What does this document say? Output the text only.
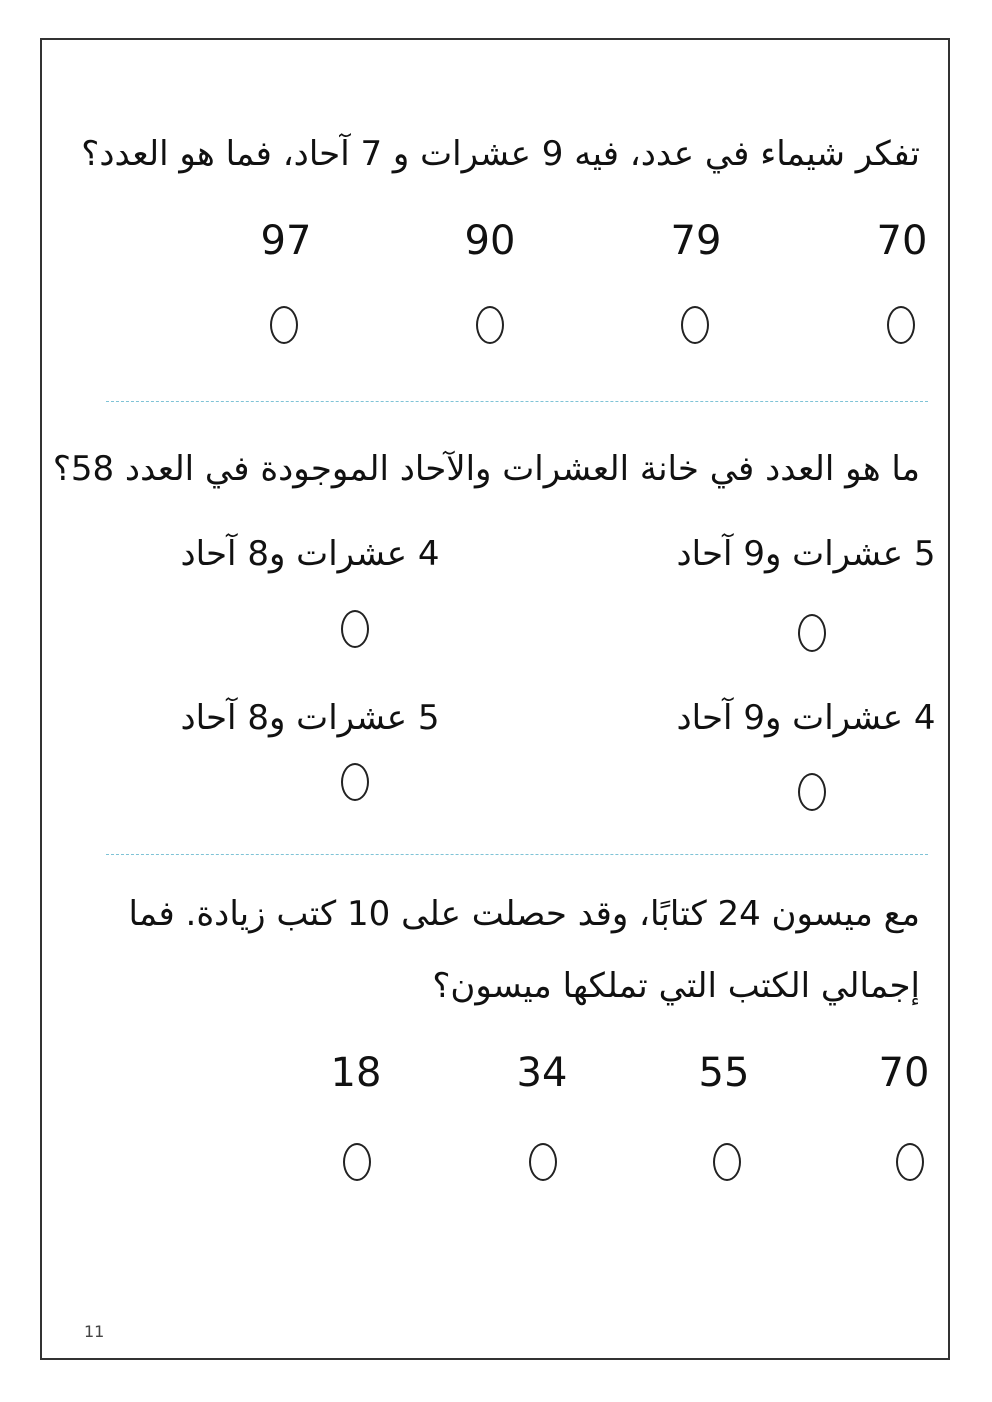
تفكر شيماء في عدد، فيه 9 عشرات و 7 آحاد، فما هو العدد؟
70
79
90
97
ما هو العدد في خانة العشرات والآحاد الموجودة في العدد 58؟
5 عشرات و9 آحاد
4 عشرات و8 آحاد
4 عشرات و9 آحاد
5 عشرات و8 آحاد
مع ميسون 24 كتابًا، وقد حصلت على 10 كتب زيادة. فما
إجمالي الكتب التي تملكها ميسون؟
70
55
34
18
11
